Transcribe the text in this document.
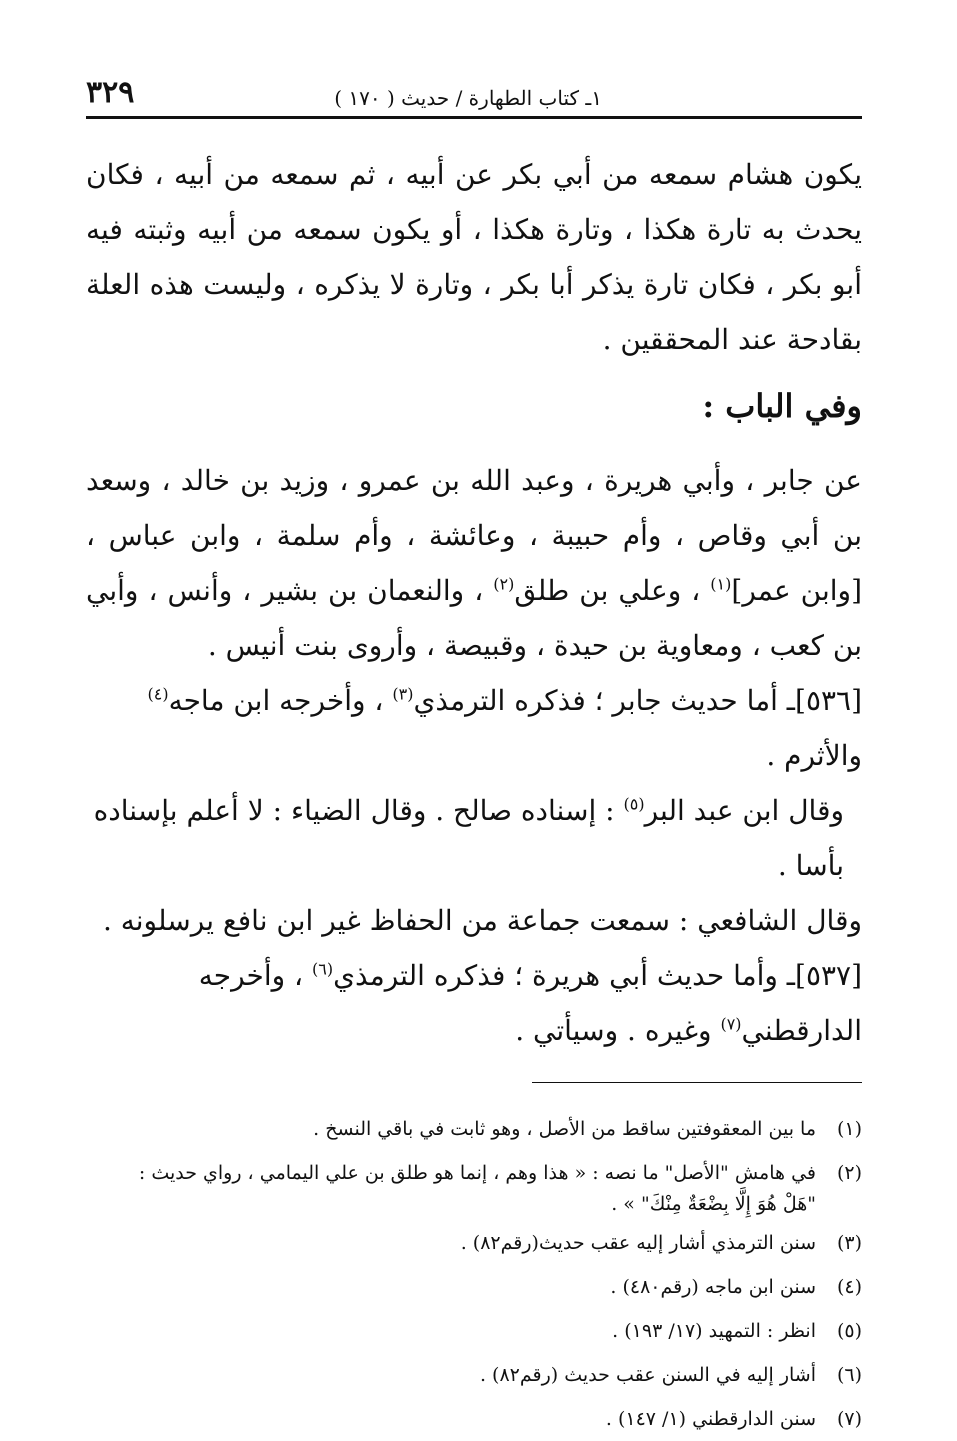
١ـ كتاب الطهارة / حديث ( ١٧٠ )
٣٢٩

يكون هشام سمعه من أبي بكر عن أبيه ، ثم سمعه من أبيه ، فكان يحدث به تارة هكذا ، وتارة هكذا ، أو يكون سمعه من أبيه وثبته فيه أبو بكر ، فكان تارة يذكر أبا بكر ، وتارة لا يذكره ، وليست هذه العلة بقادحة عند المحققين .

وفي الباب :

عن جابر ، وأبي هريرة ، وعبد الله بن عمرو ، وزيد بن خالد ، وسعد بن أبي وقاص ، وأم حبيبة ، وعائشة ، وأم سلمة ، وابن عباس ، [وابن عمر]$^{(١)}$ ، وعلي بن طلق$^{(٢)}$ ، والنعمان بن بشير ، وأنس ، وأبي بن كعب ، ومعاوية بن حيدة ، وقبيصة ، وأروى بنت أنيس .

[٥٣٦]ـ أما حديث جابر ؛ فذكره الترمذي$^{(٣)}$ ، وأخرجه ابن ماجه$^{(٤)}$ والأثرم .
وقال ابن عبد البر$^{(٥)}$ : إسناده صالح . وقال الضياء : لا أعلم بإسناده بأسا .
وقال الشافعي : سمعت جماعة من الحفاظ غير ابن نافع يرسلونه .
[٥٣٧]ـ وأما حديث أبي هريرة ؛ فذكره الترمذي$^{(٦)}$ ، وأخرجه الدارقطني$^{(٧)}$ وغيره . وسيأتي .
(١)ما بين المعقوفتين ساقط من الأصل ، وهو ثابت في باقي النسخ .
(٢)في هامش "الأصل" ما نصه : « هذا وهم ، إنما هو طلق بن علي اليمامي ، رواي حديث :
"هَلْ هُوَ إِلَّا بِضْعَةٌ مِنْكَ" » .
(٣)سنن الترمذي أشار إليه عقب حديث(رقم٨٢) .
(٤)سنن ابن ماجه (رقم٤٨٠) .
(٥)انظر : التمهيد (١٧/ ١٩٣) .
(٦)أشار إليه في السنن عقب حديث (رقم٨٢) .
(٧)سنن الدارقطني (١/ ١٤٧) .
